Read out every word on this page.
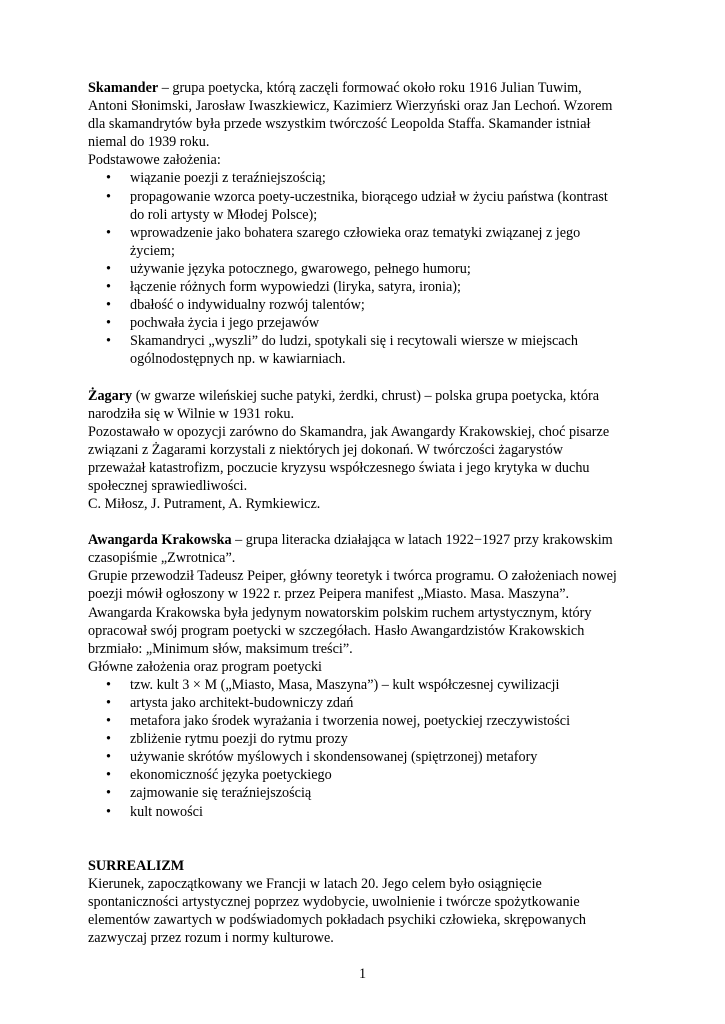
Skamander – grupa poetycka, którą zaczęli formować około roku 1916 Julian Tuwim,

Antoni Słonimski, Jarosław Iwaszkiewicz, Kazimierz Wierzyński oraz Jan Lechoń. Wzorem

dla skamandrytów była przede wszystkim twórczość Leopolda Staffa. Skamander istniał

niemal do 1939 roku.

Podstawowe założenia:

• wiązanie poezji z teraźniejszością;
• propagowanie wzorca poety-uczestnika, biorącego udział w życiu państwa (kontrast
do roli artysty w Młodej Polsce);
• wprowadzenie jako bohatera szarego człowieka oraz tematyki związanej z jego
życiem;
• używanie języka potocznego, gwarowego, pełnego humoru;
• łączenie różnych form wypowiedzi (liryka, satyra, ironia);
• dbałość o indywidualny rozwój talentów;
• pochwała życia i jego przejawów
• Skamandryci „wyszli” do ludzi, spotykali się i recytowali wiersze w miejscach
ogólnodostępnych np. w kawiarniach.

Żagary (w gwarze wileńskiej suche patyki, żerdki, chrust) – polska grupa poetycka, która

narodziła się w Wilnie w 1931 roku.

Pozostawało w opozycji zarówno do Skamandra, jak Awangardy Krakowskiej, choć pisarze

związani z Żagarami korzystali z niektórych jej dokonań. W twórczości żagarystów

przeważał katastrofizm, poczucie kryzysu współczesnego świata i jego krytyka w duchu

społecznej sprawiedliwości.

C. Miłosz, J. Putrament, A. Rymkiewicz.

Awangarda Krakowska – grupa literacka działająca w latach 1922−1927 przy krakowskim

czasopiśmie „Zwrotnica”.

Grupie przewodził Tadeusz Peiper, główny teoretyk i twórca programu. O założeniach nowej

poezji mówił ogłoszony w 1922 r. przez Peipera manifest „Miasto. Masa. Maszyna”.

Awangarda Krakowska była jedynym nowatorskim polskim ruchem artystycznym, który

opracował swój program poetycki w szczegółach. Hasło Awangardzistów Krakowskich

brzmiało: „Minimum słów, maksimum treści”.

Główne założenia oraz program poetycki

• tzw. kult 3 × M („Miasto, Masa, Maszyna”) – kult współczesnej cywilizacji
• artysta jako architekt-budowniczy zdań
• metafora jako środek wyrażania i tworzenia nowej, poetyckiej rzeczywistości
• zbliżenie rytmu poezji do rytmu prozy
• używanie skrótów myślowych i skondensowanej (spiętrzonej) metafory
• ekonomiczność języka poetyckiego
• zajmowanie się teraźniejszością
• kult nowości

SURREALIZM

Kierunek, zapoczątkowany we Francji w latach 20. Jego celem było osiągnięcie

spontaniczności artystycznej poprzez wydobycie, uwolnienie i twórcze spożytkowanie

elementów zawartych w podświadomych pokładach psychiki człowieka, skrępowanych

zazwyczaj przez rozum i normy kulturowe.

1
